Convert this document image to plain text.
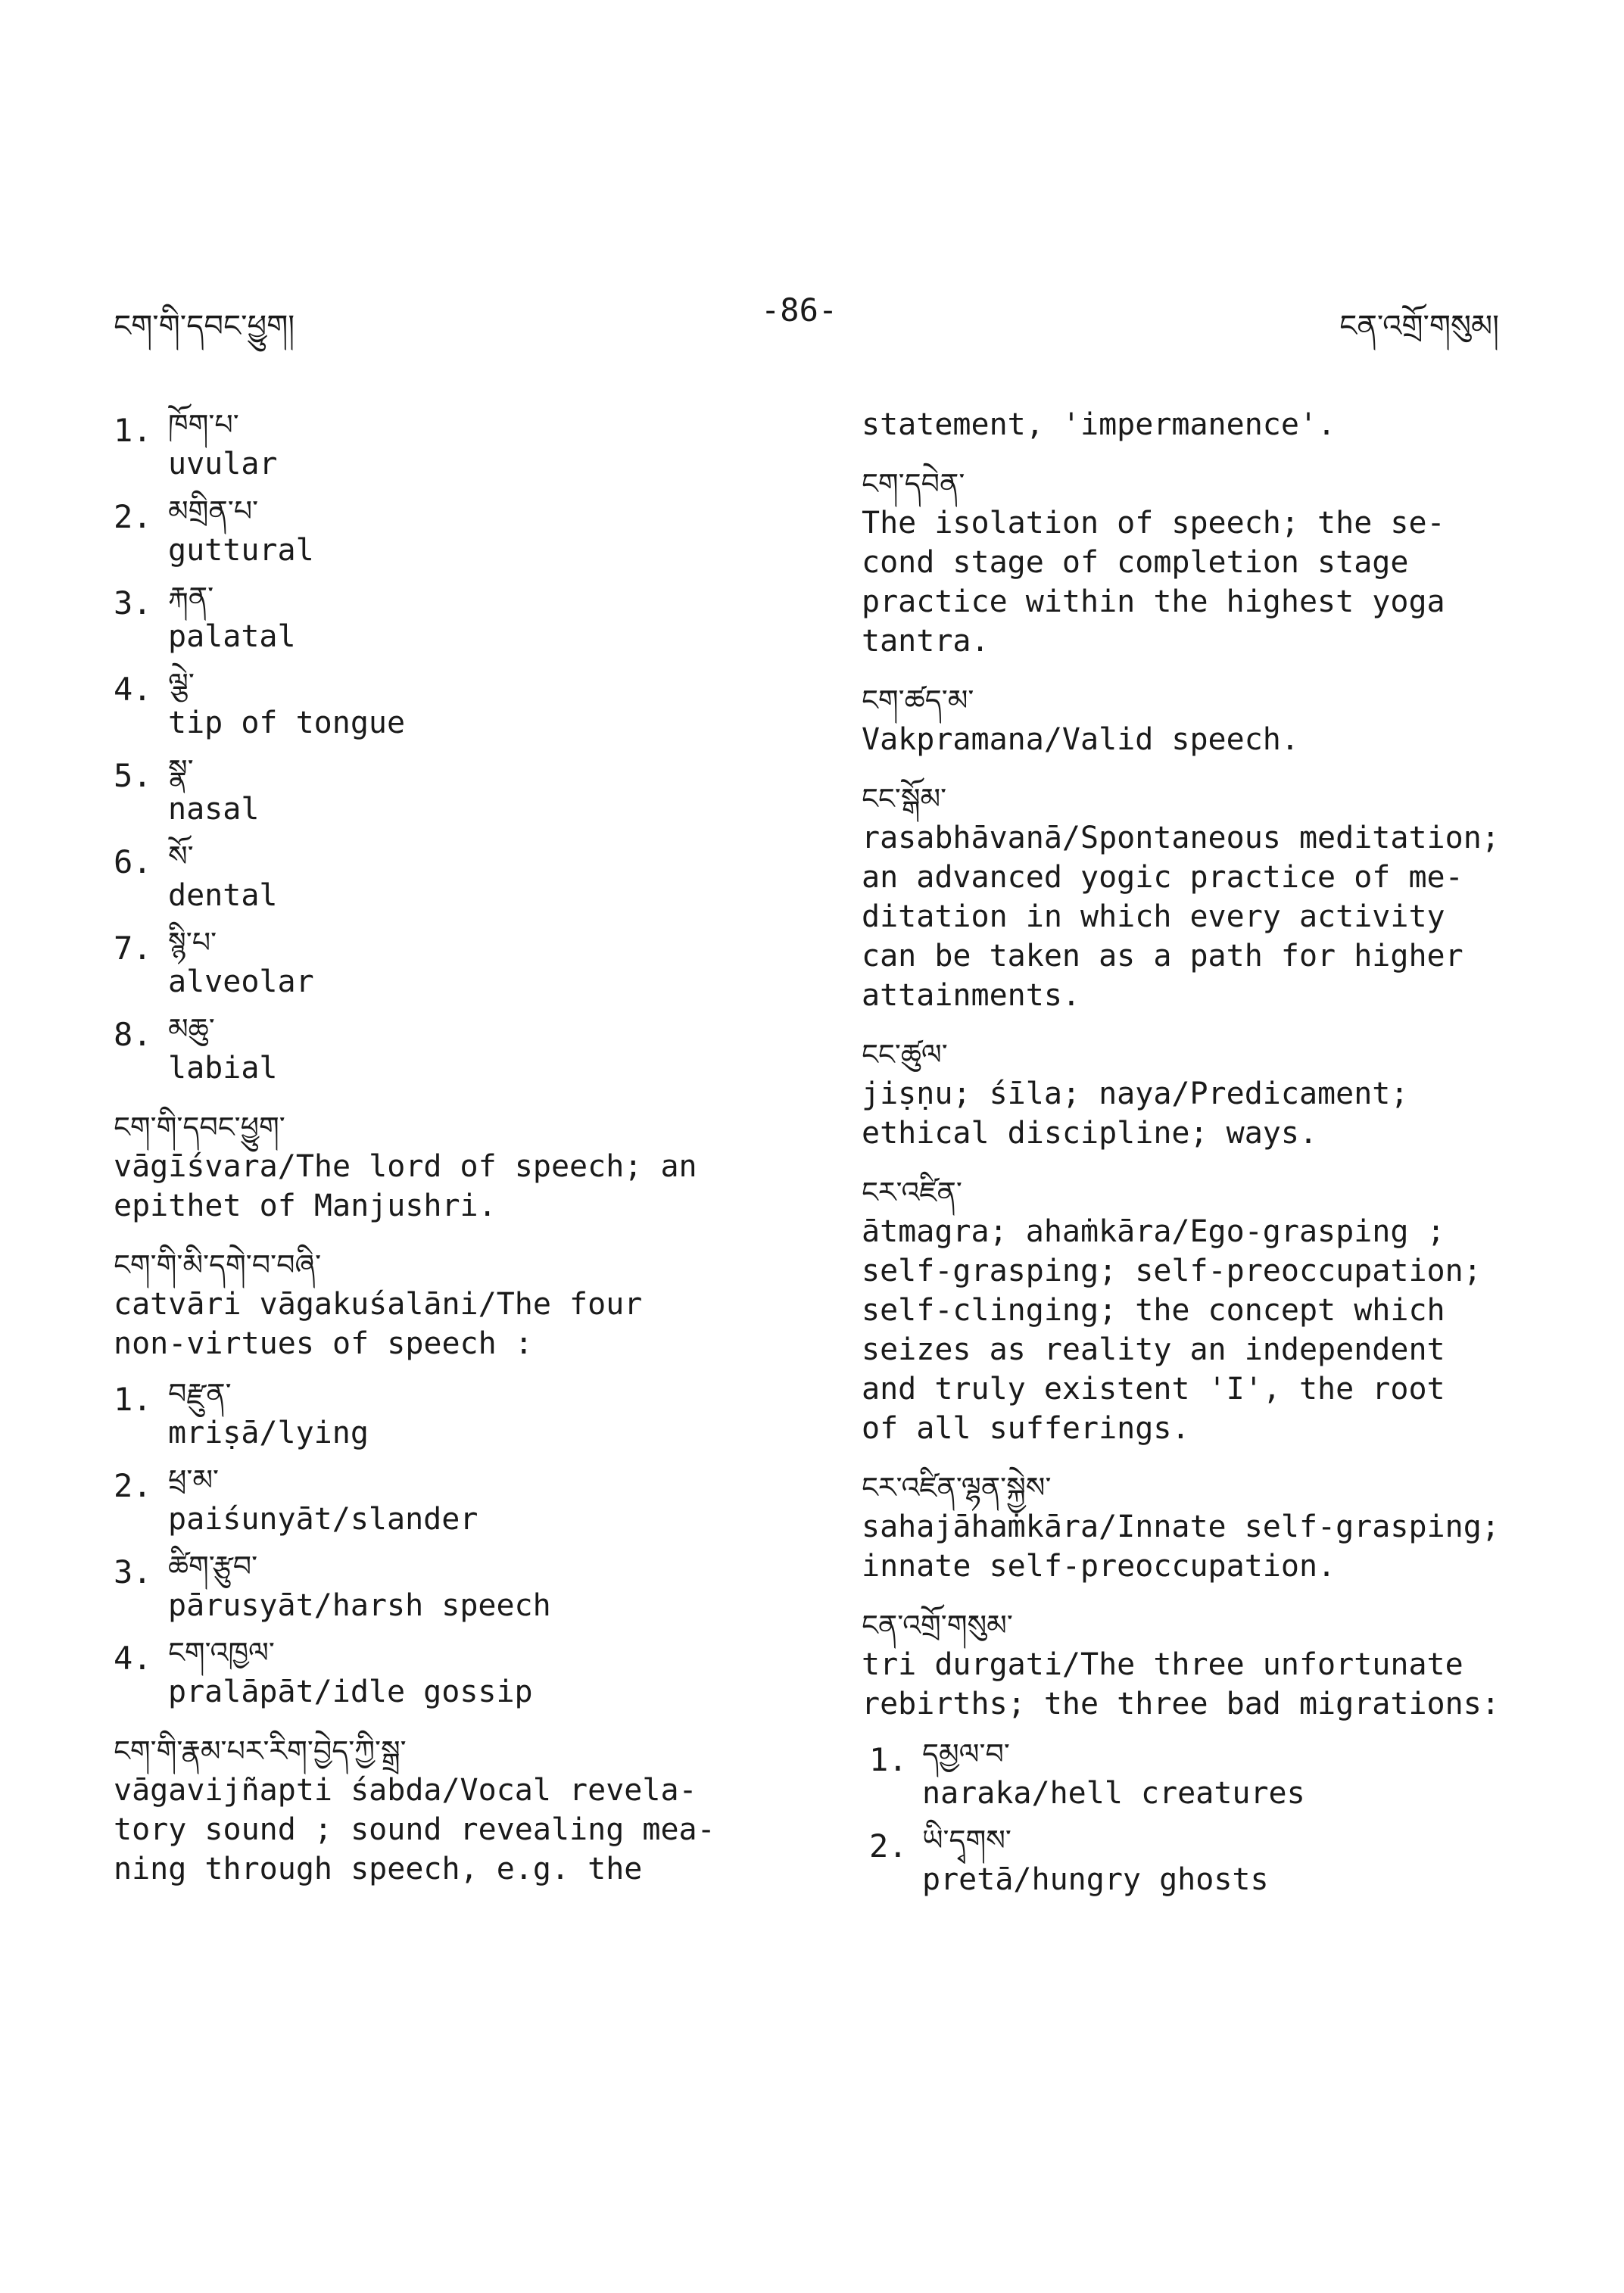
ངག་གི་དབང་ཕྱུག།	-86-	ངན་འགྲོ་གསུམ།
1. ཁོག་པ་
uvular
2. མགྲིན་པ་
guttural
3. རྐན་
palatal
4. ལྕེ་
tip of tongue
5. སྣ་
nasal
6. སོ་
dental
7. སྙི་པ་
alveolar
8. མཆུ་
labial
ངག་གི་དབང་ཕྱུག་
vāgīśvara/The lord of speech; an
epithet of Manjushri.
ངག་གི་མི་དགེ་བ་བཞི་
catvāri vāgakuśalāni/The four
non-virtues of speech :
1. བརྫུན་
mriṣā/lying
2. ཕྲ་མ་
paiśunyāt/slander
3. ཚིག་རྩུབ་
pārusyāt/harsh speech
4. ངག་འཁྱལ་
pralāpāt/idle gossip
ངག་གི་རྣམ་པར་རིག་བྱེད་ཀྱི་སྒྲ་
vāgavijñapti śabda/Vocal revela-
tory sound ; sound revealing mea-
ning through speech, e.g. the
statement, 'impermanence'.
ངག་དབེན་
The isolation of speech; the se-
cond stage of completion stage
practice within the highest yoga
tantra.
ངག་ཚད་མ་
Vakpramana/Valid speech.
ངང་སྒོམ་
rasabhāvanā/Spontaneous meditation;
an advanced yogic practice of me-
ditation in which every activity
can be taken as a path for higher
attainments.
ངང་ཚུལ་
jiṣṇu; śīla; naya/Predicament;
ethical discipline; ways.
ངར་འཛིན་
ātmagra; ahaṁkāra/Ego-grasping ;
self-grasping; self-preoccupation;
self-clinging; the concept which
seizes as reality an independent
and truly existent 'I', the root
of all sufferings.
ངར་འཛིན་ལྷན་སྐྱེས་
sahajāhaṁkāra/Innate self-grasping;
innate self-preoccupation.
ངན་འགྲོ་གསུམ་
tri durgati/The three unfortunate
rebirths; the three bad migrations:
1. དམྱལ་བ་
naraka/hell creatures
2. ཡི་དྭགས་
pretā/hungry ghosts
